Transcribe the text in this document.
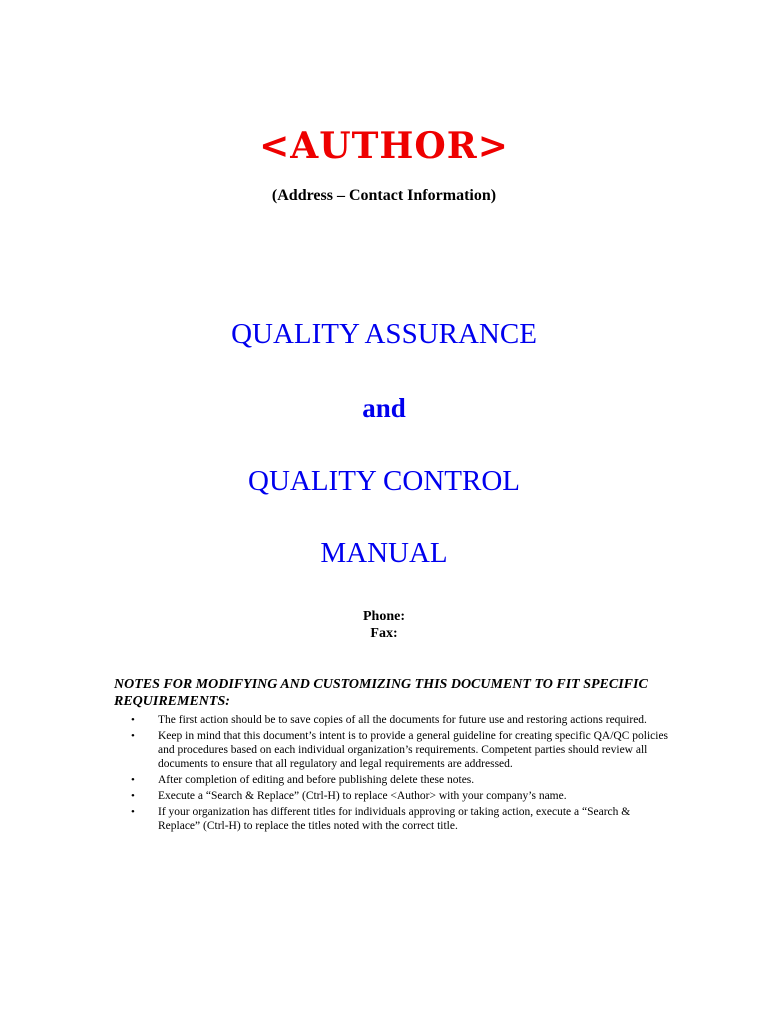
<AUTHOR>
(Address – Contact Information)
QUALITY ASSURANCE
and
QUALITY CONTROL
MANUAL
Phone:
Fax:
NOTES FOR MODIFYING AND CUSTOMIZING THIS DOCUMENT TO FIT SPECIFIC REQUIREMENTS:
• The first action should be to save copies of all the documents for future use and restoring actions required.
• Keep in mind that this document’s intent is to provide a general guideline for creating specific QA/QC policies and procedures based on each individual organization’s requirements. Competent parties should review all documents to ensure that all regulatory and legal requirements are addressed.
• After completion of editing and before publishing delete these notes.
• Execute a “Search & Replace” (Ctrl-H) to replace <Author> with your company’s name.
• If your organization has different titles for individuals approving or taking action, execute a “Search & Replace” (Ctrl-H) to replace the titles noted with the correct title.
